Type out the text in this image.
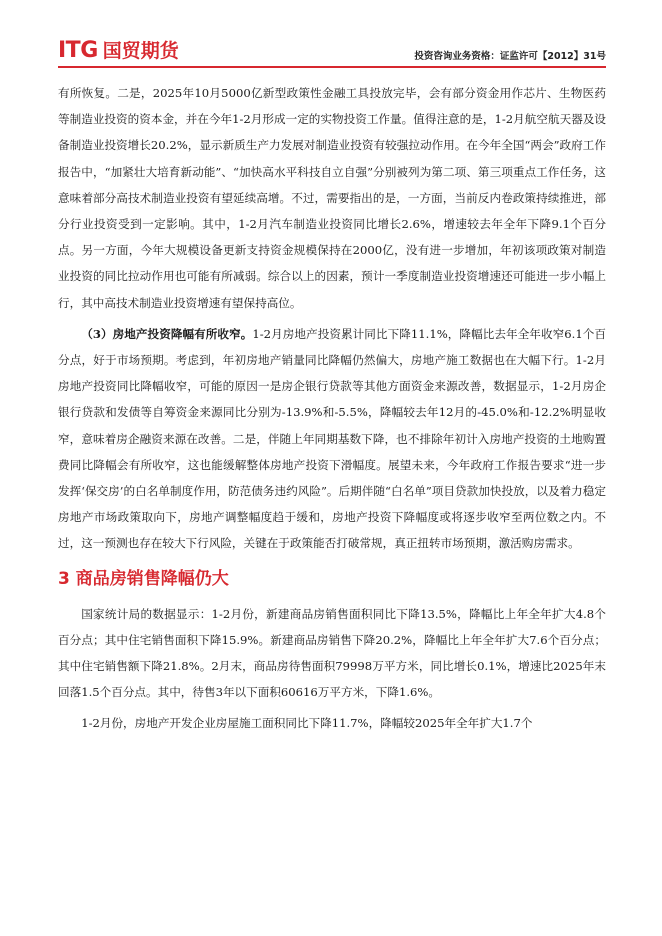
ITG 国贸期货	投资咨询业务资格：证监许可【2012】31号

有所恢复。二是，2025年10月5000亿新型政策性金融工具投放完毕，会有部分资金用作芯片、生物医药等制造业投资的资本金，并在今年1-2月形成一定的实物投资工作量。值得注意的是，1-2月航空航天器及设备制造业投资增长20.2%，显示新质生产力发展对制造业投资有较强拉动作用。在今年全国“两会”政府工作报告中，“加紧壮大培育新动能”、“加快高水平科技自立自强”分别被列为第二项、第三项重点工作任务，这意味着部分高技术制造业投资有望延续高增。不过，需要指出的是，一方面，当前反内卷政策持续推进，部分行业投资受到一定影响。其中，1-2月汽车制造业投资同比增长2.6%，增速较去年全年下降9.1个百分点。另一方面，今年大规模设备更新支持资金规模保持在2000亿，没有进一步增加，年初该项政策对制造业投资的同比拉动作用也可能有所减弱。综合以上的因素，预计一季度制造业投资增速还可能进一步小幅上行，其中高技术制造业投资增速有望保持高位。

（3）房地产投资降幅有所收窄。1-2月房地产投资累计同比下降11.1%，降幅比去年全年收窄6.1个百分点，好于市场预期。考虑到，年初房地产销量同比降幅仍然偏大，房地产施工数据也在大幅下行。1-2月房地产投资同比降幅收窄，可能的原因一是房企银行贷款等其他方面资金来源改善，数据显示，1-2月房企银行贷款和发债等自筹资金来源同比分别为-13.9%和-5.5%，降幅较去年12月的-45.0%和-12.2%明显收窄，意味着房企融资来源在改善。二是，伴随上年同期基数下降，也不排除年初计入房地产投资的土地购置费同比降幅会有所收窄，这也能缓解整体房地产投资下滑幅度。展望未来，今年政府工作报告要求“进一步发挥‘保交房’的白名单制度作用，防范债务违约风险”。后期伴随“白名单”项目贷款加快投放，以及着力稳定房地产市场政策取向下，房地产调整幅度趋于缓和，房地产投资下降幅度或将逐步收窄至两位数之内。不过，这一预测也存在较大下行风险，关键在于政策能否打破常规，真正扭转市场预期，激活购房需求。

3 商品房销售降幅仍大

国家统计局的数据显示：1-2月份，新建商品房销售面积同比下降13.5%，降幅比上年全年扩大4.8个百分点；其中住宅销售面积下降15.9%。新建商品房销售下降20.2%，降幅比上年全年扩大7.6个百分点；其中住宅销售额下降21.8%。2月末，商品房待售面积79998万平方米，同比增长0.1%，增速比2025年末回落1.5个百分点。其中，待售3年以下面积60616万平方米，下降1.6%。

1-2月份，房地产开发企业房屋施工面积同比下降11.7%，降幅较2025年全年扩大1.7个
